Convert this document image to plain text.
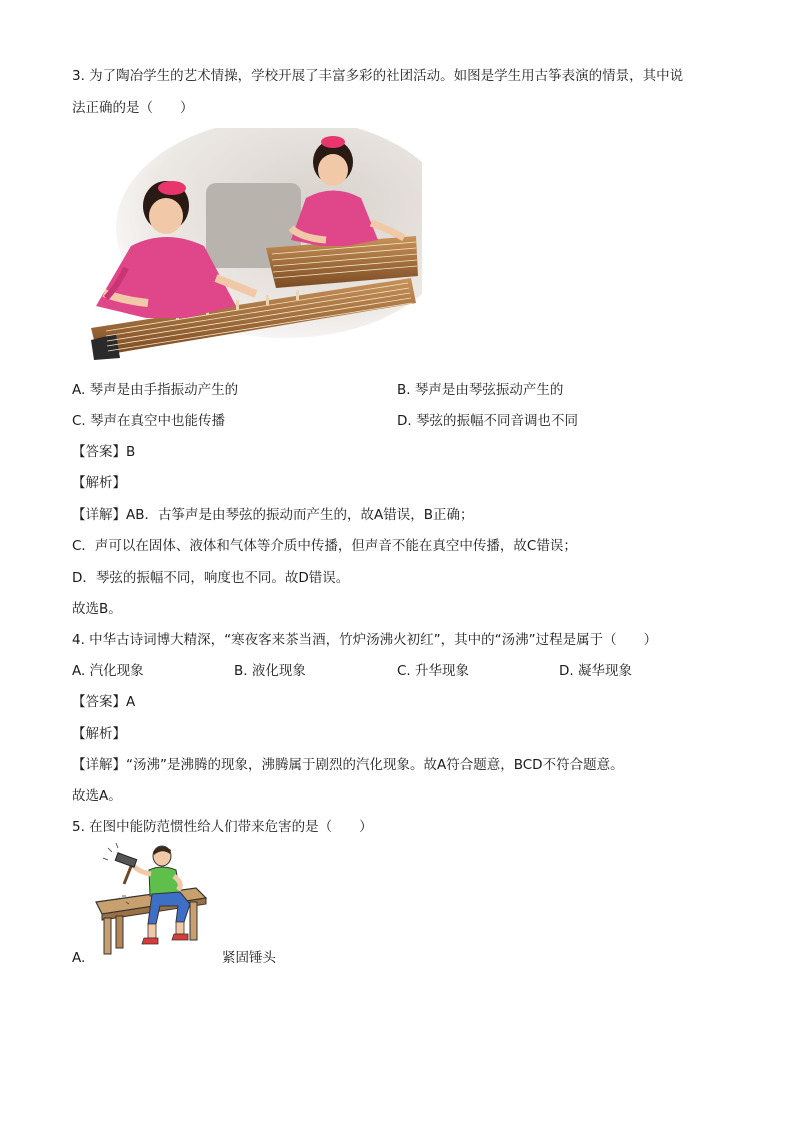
3. 为了陶冶学生的艺术情操，学校开展了丰富多彩的社团活动。如图是学生用古筝表演的情景，其中说
法正确的是（　　）
A. 琴声是由手指振动产生的	B. 琴声是由琴弦振动产生的
C. 琴声在真空中也能传播	D. 琴弦的振幅不同音调也不同
【答案】B
【解析】
【详解】AB．古筝声是由琴弦的振动而产生的，故A错误，B正确；
C．声可以在固体、液体和气体等介质中传播，但声音不能在真空中传播，故C错误；
D．琴弦的振幅不同，响度也不同。故D错误。
故选B。
4. 中华古诗词博大精深，“寒夜客来茶当酒，竹炉汤沸火初红”，其中的“汤沸”过程是属于（　　）
A. 汽化现象	B. 液化现象	C. 升华现象	D. 凝华现象
【答案】A
【解析】
【详解】“汤沸”是沸腾的现象，沸腾属于剧烈的汽化现象。故A符合题意，BCD不符合题意。
故选A。
5. 在图中能防范惯性给人们带来危害的是（　　）
A.	紧固锤头
